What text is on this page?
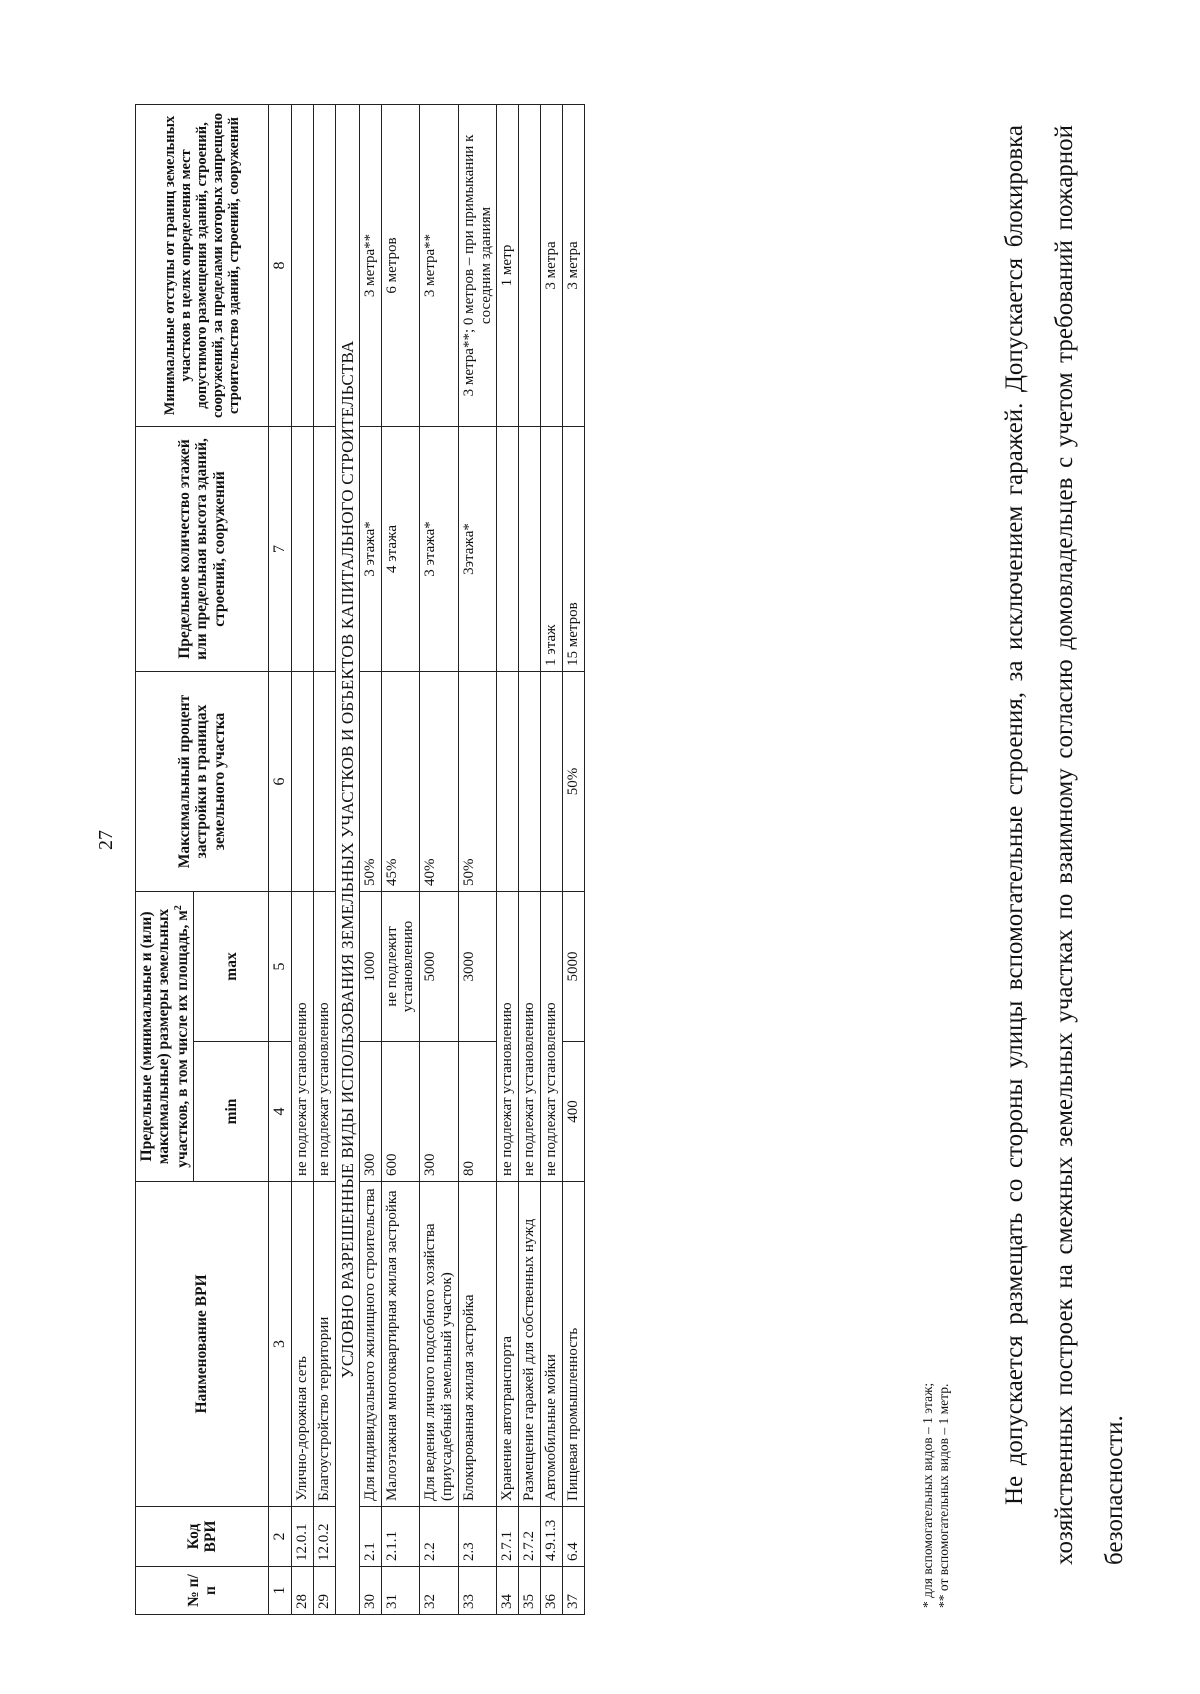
27
№ п/п	Код ВРИ	Наименование ВРИ	Предельные (минимальные и (или) максимальные) размеры земельных участков, в том числе их площадь, $м^2$		Максимальный процент застройки в границах земельного участка	Предельное количество этажей или предельная высота зданий, строений, сооружений	Минимальные отступы от границ земельных участков в целях определения мест допустимого размещения зданий, строений, сооружений, за пределами которых запрещено строительство зданий, строений, сооружений
			min	max			
1	2	3	4	5	6	7	8
28	12.0.1	Улично-дорожная сеть	не подлежат установлению				
29	12.0.2	Благоустройство территории	не подлежат установлению				
УСЛОВНО РАЗРЕШЕННЫЕ ВИДЫ ИСПОЛЬЗОВАНИЯ ЗЕМЕЛЬНЫХ УЧАСТКОВ И ОБЪЕКТОВ КАПИТАЛЬНОГО СТРОИТЕЛЬСТВА							
30	2.1	Для индивидуального жилищного строительства	300	1000	50%	3 этажа*	3 метра**
31	2.1.1	Малоэтажная многоквартирная жилая застройка	600	не подлежит установлению	45%	4 этажа	6 метров
32	2.2	Для ведения личного подсобного хозяйства (приусадебный земельный участок)	300	5000	40%	3 этажа*	3 метра**
33	2.3	Блокированная жилая застройка	80	3000	50%	3этажа*	3 метра**; 0 метров – при примыкании к соседним зданиям
34	2.7.1	Хранение автотранспорта	не подлежат установлению				1 метр
35	2.7.2	Размещение гаражей для собственных нужд	не подлежат установлению				
36	4.9.1.3	Автомобильные мойки	не подлежат установлению			1 этаж	3 метра
37	6.4	Пищевая промышленность	400	5000	50%	15 метров	3 метра
* для вспомогательных видов – 1 этаж; ** от вспомогательных видов – 1 метр.	Не допускается размещать со стороны улицы вспомогательные строения, за исключением гаражей. Допускается блокировка хозяйственных построек на смежных земельных участках по взаимному согласию домовладельцев с учетом требований пожарной безопасности.
